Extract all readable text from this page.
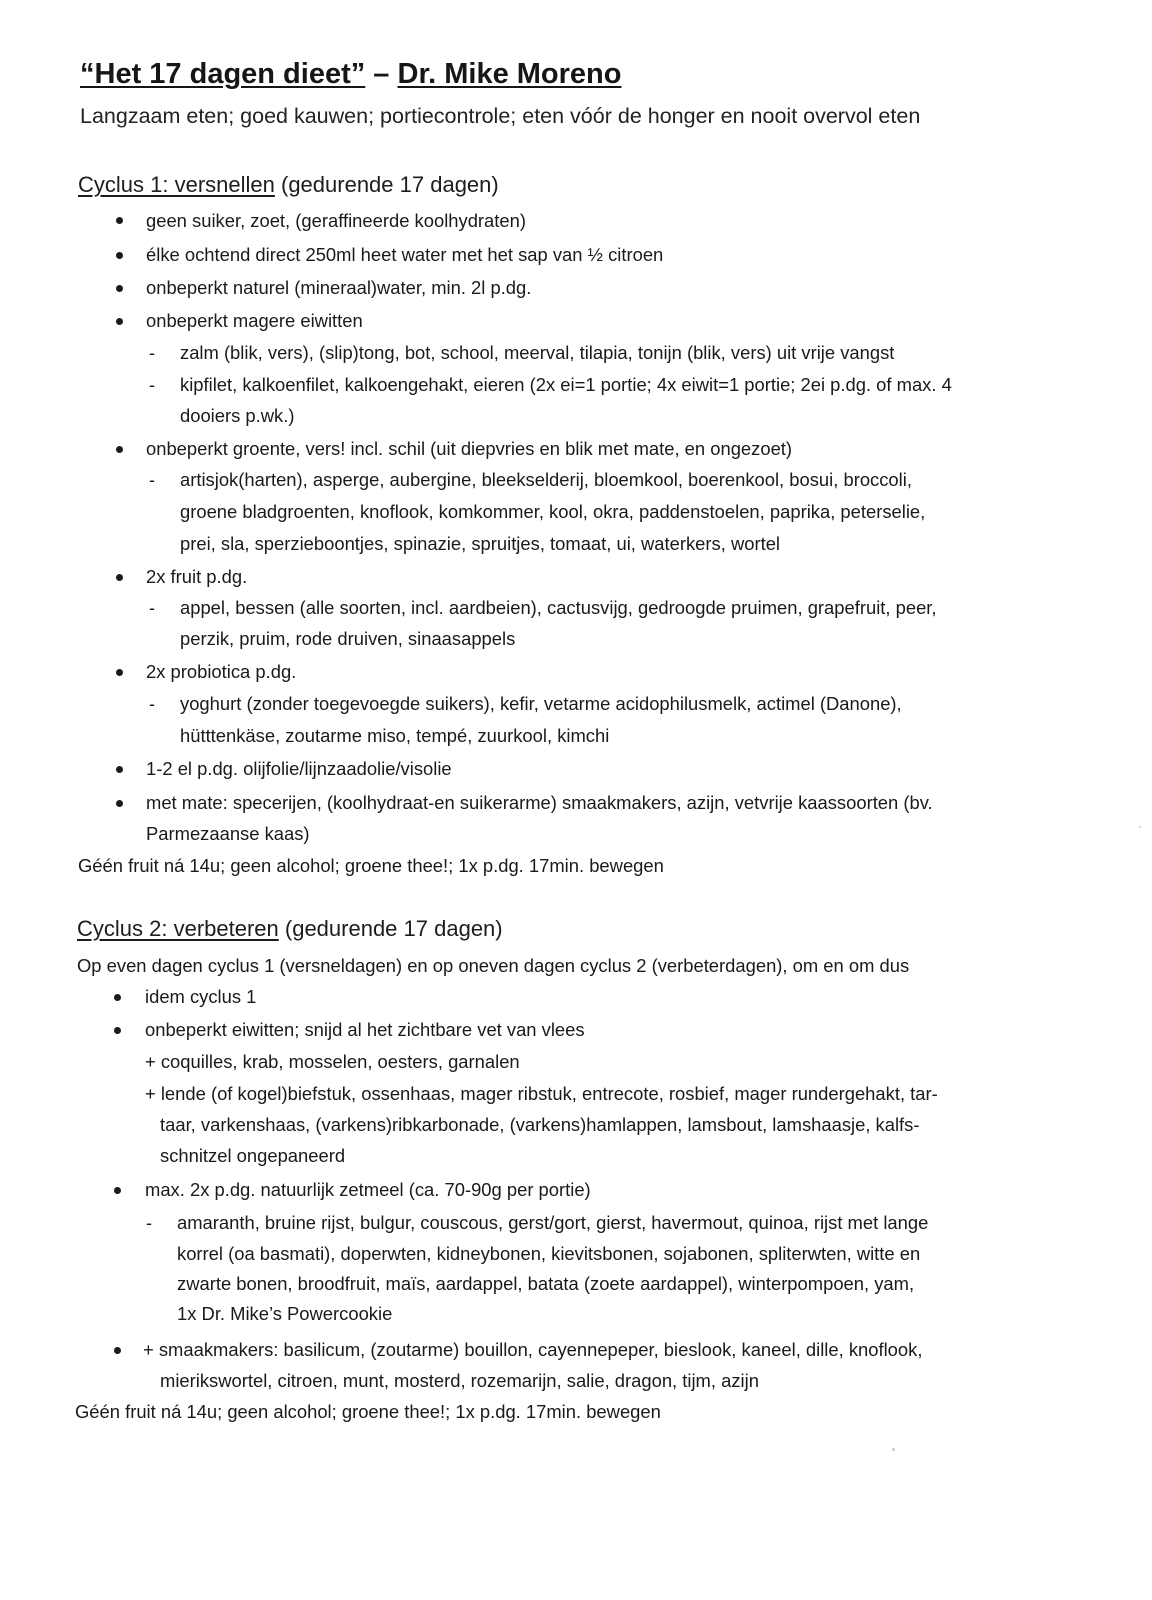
“Het 17 dagen dieet” – Dr. Mike Moreno
Langzaam eten; goed kauwen; portiecontrole; eten vóór de honger en nooit overvol eten
Cyclus 1: versnellen (gedurende 17 dagen)
geen suiker, zoet, (geraffineerde koolhydraten)
élke ochtend direct 250ml heet water met het sap van ½ citroen
onbeperkt naturel (mineraal)water, min. 2l p.dg.
onbeperkt magere eiwitten
- zalm (blik, vers), (slip)tong, bot, school, meerval, tilapia, tonijn (blik, vers) uit vrije vangst
- kipfilet, kalkoenfilet, kalkoengehakt, eieren (2x ei=1 portie; 4x eiwit=1 portie; 2ei p.dg. of max. 4
dooiers p.wk.)
onbeperkt groente, vers! incl. schil (uit diepvries en blik met mate, en ongezoet)
- artisjok(harten), asperge, aubergine, bleekselderij, bloemkool, boerenkool, bosui, broccoli,
groene bladgroenten, knoflook, komkommer, kool, okra, paddenstoelen, paprika, peterselie,
prei, sla, sperzieboontjes, spinazie, spruitjes, tomaat, ui, waterkers, wortel
2x fruit p.dg.
- appel, bessen (alle soorten, incl. aardbeien), cactusvijg, gedroogde pruimen, grapefruit, peer,
perzik, pruim, rode druiven, sinaasappels
2x probiotica p.dg.
- yoghurt (zonder toegevoegde suikers), kefir, vetarme acidophilusmelk, actimel (Danone),
hütttenkäse, zoutarme miso, tempé, zuurkool, kimchi
1-2 el p.dg. olijfolie/lijnzaadolie/visolie
met mate: specerijen, (koolhydraat-en suikerarme) smaakmakers, azijn, vetvrije kaassoorten (bv.
Parmezaanse kaas)
Géén fruit ná 14u; geen alcohol; groene thee!; 1x p.dg. 17min. bewegen
Cyclus 2: verbeteren (gedurende 17 dagen)
Op even dagen cyclus 1 (versneldagen) en op oneven dagen cyclus 2 (verbeterdagen), om en om dus
idem cyclus 1
onbeperkt eiwitten; snijd al het zichtbare vet van vlees
+ coquilles, krab, mosselen, oesters, garnalen
+ lende (of kogel)biefstuk, ossenhaas, mager ribstuk, entrecote, rosbief, mager rundergehakt, tar-
taar, varkenshaas, (varkens)ribkarbonade, (varkens)hamlappen, lamsbout, lamshaasje, kalfs-
schnitzel ongepaneerd
max. 2x p.dg. natuurlijk zetmeel (ca. 70-90g per portie)
- amaranth, bruine rijst, bulgur, couscous, gerst/gort, gierst, havermout, quinoa, rijst met lange
korrel (oa basmati), doperwten, kidneybonen, kievitsbonen, sojabonen, spliterwten, witte en
zwarte bonen, broodfruit, maïs, aardappel, batata (zoete aardappel), winterpompoen, yam,
1x Dr. Mike’s Powercookie
+ smaakmakers: basilicum, (zoutarme) bouillon, cayennepeper, bieslook, kaneel, dille, knoflook,
mierikswortel, citroen, munt, mosterd, rozemarijn, salie, dragon, tijm, azijn
Géén fruit ná 14u; geen alcohol; groene thee!; 1x p.dg. 17min. bewegen
